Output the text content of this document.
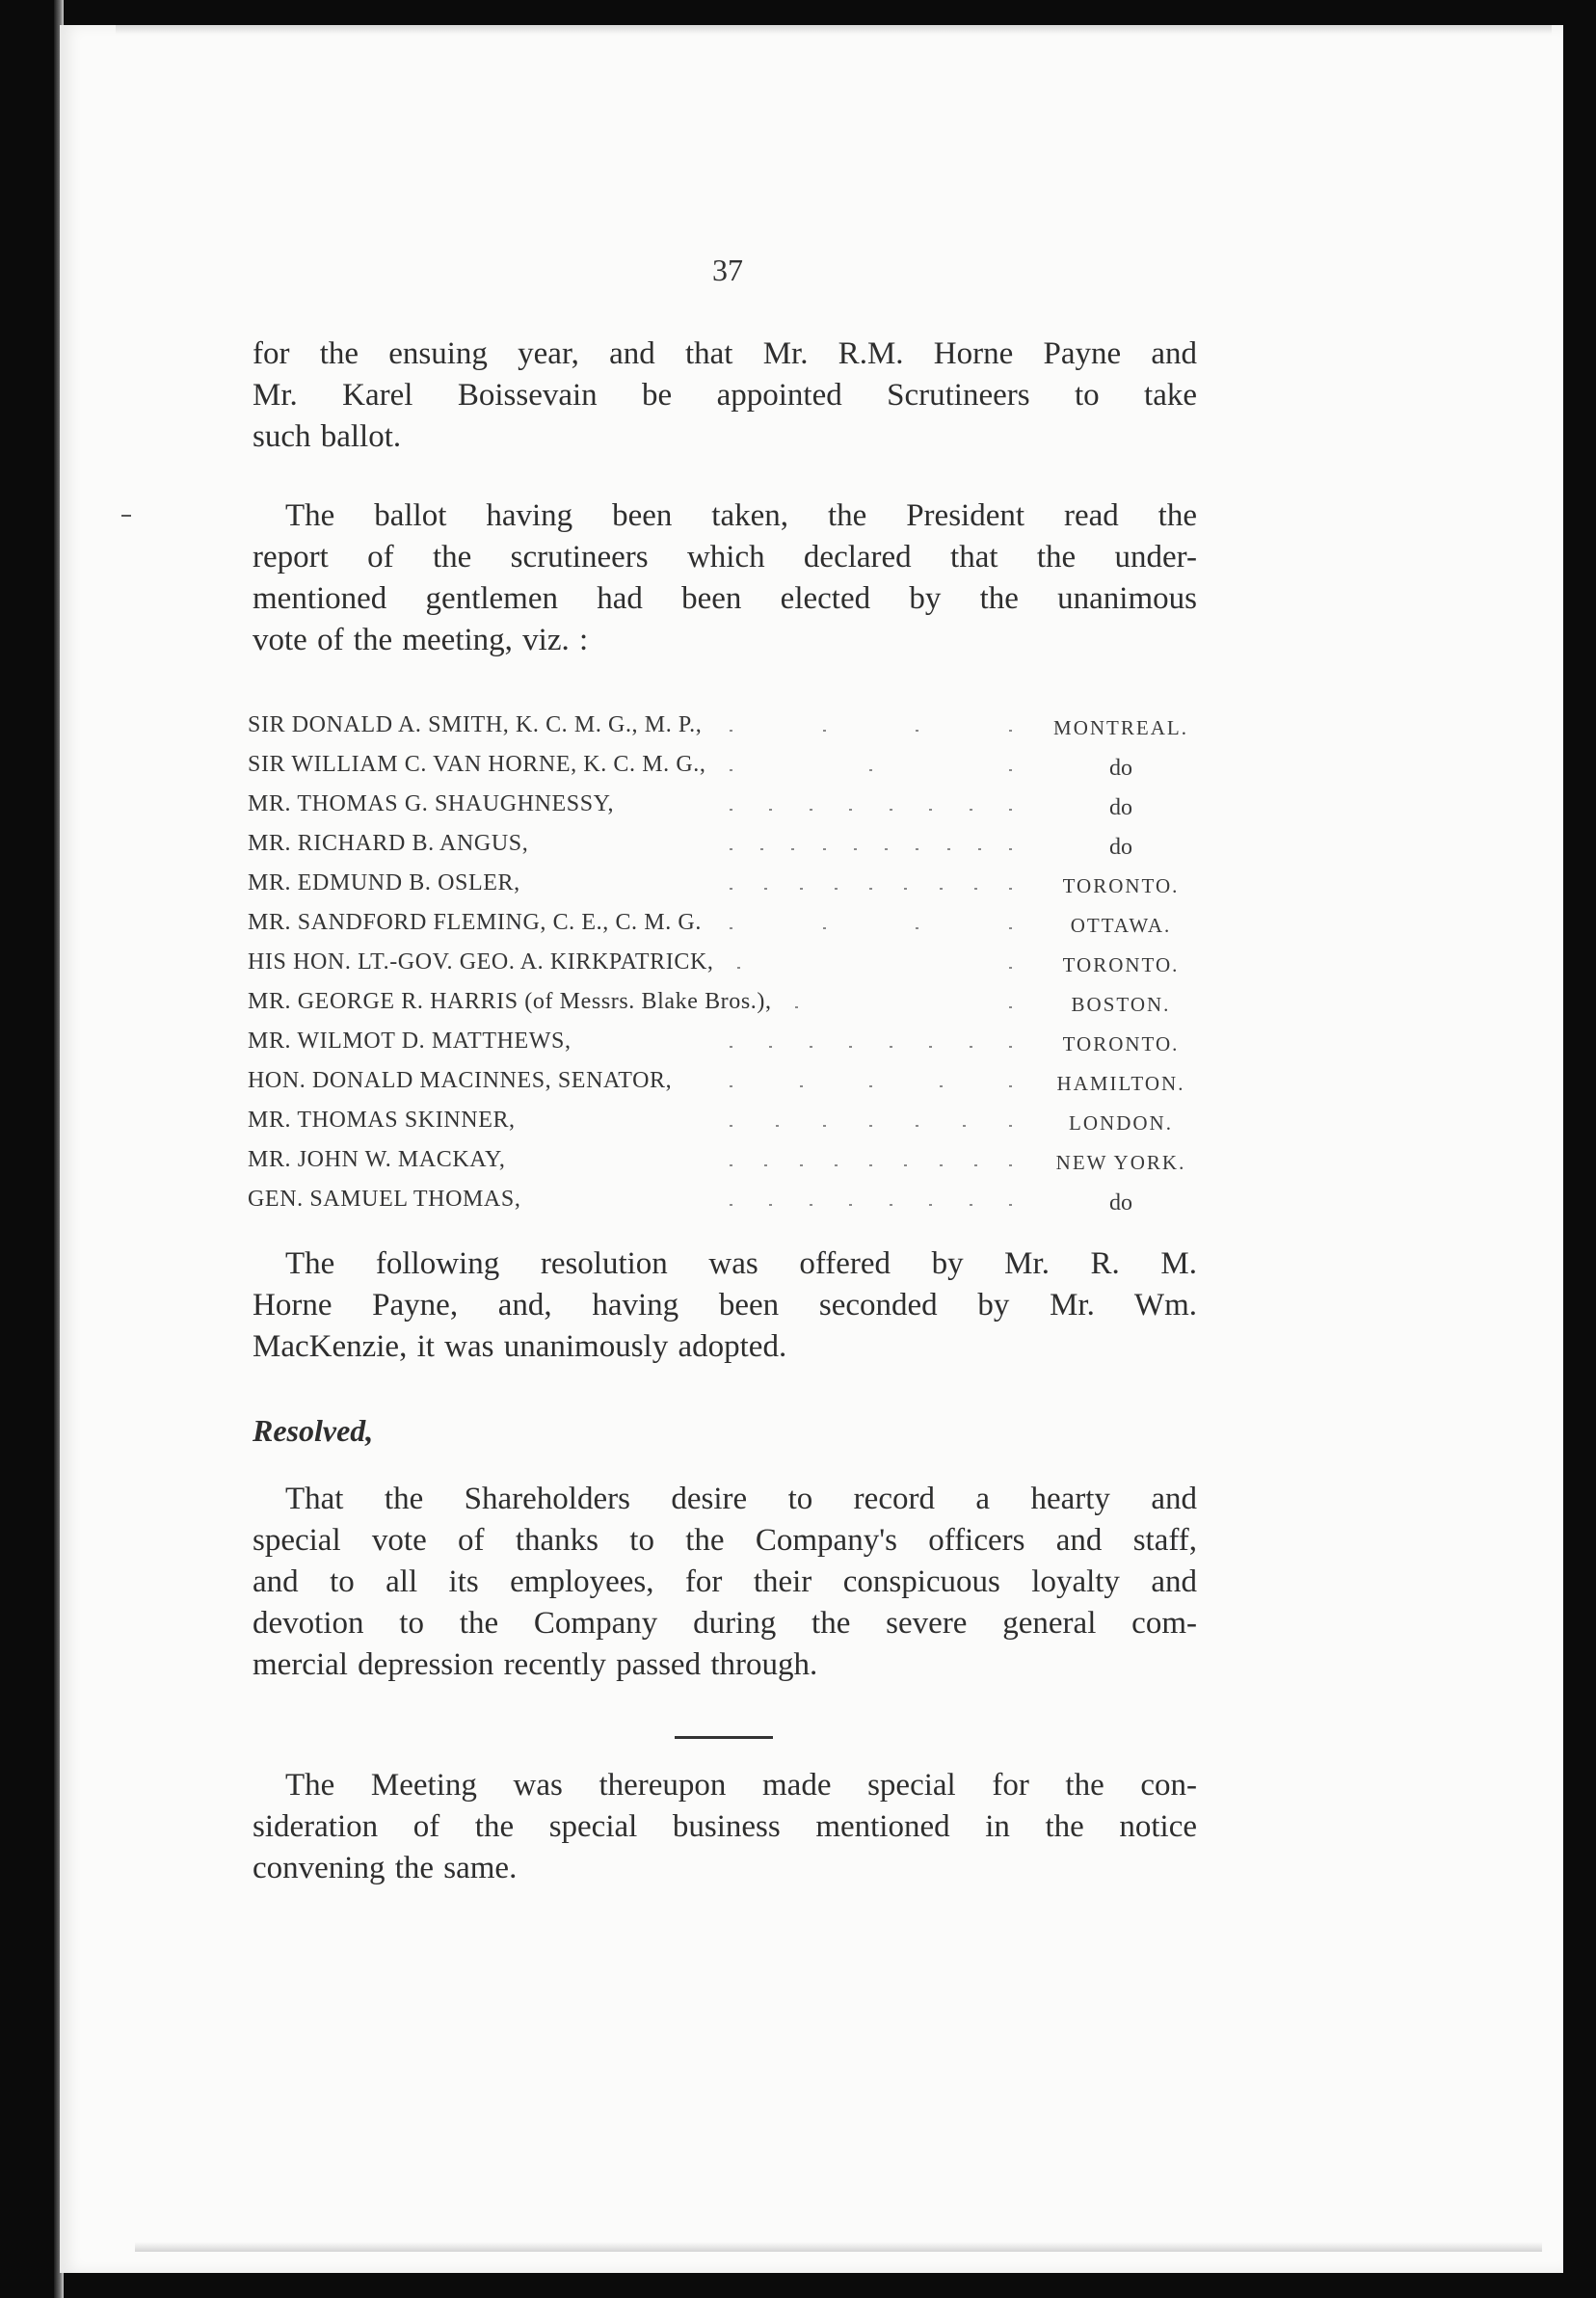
37

for the ensuing year, and that Mr. R.M. Horne Payne and
Mr. Karel Boissevain be appointed Scrutineers to take
such ballot.

The ballot having been taken, the President read the
report of the scrutineers which declared that the under-
mentioned gentlemen had been elected by the unanimous
vote of the meeting, viz. :

SIR DONALD A. SMITH, K. C. M. G., M. P.,	MONTREAL.
SIR WILLIAM C. VAN HORNE, K. C. M. G.,	do
MR. THOMAS G. SHAUGHNESSY,	do
MR. RICHARD B. ANGUS,	do
MR. EDMUND B. OSLER,	TORONTO.
MR. SANDFORD FLEMING, C. E., C. M. G.	OTTAWA.
HIS HON. LT.-GOV. GEO. A. KIRKPATRICK,	TORONTO.
MR. GEORGE R. HARRIS (of Messrs. Blake Bros.),	BOSTON.
MR. WILMOT D. MATTHEWS,	TORONTO.
HON. DONALD MACINNES, SENATOR,	HAMILTON.
MR. THOMAS SKINNER,	LONDON.
MR. JOHN W. MACKAY,	NEW YORK.
GEN. SAMUEL THOMAS,	do

The following resolution was offered by Mr. R. M.
Horne Payne, and, having been seconded by Mr. Wm.
MacKenzie, it was unanimously adopted.

Resolved,

That the Shareholders desire to record a hearty and
special vote of thanks to the Company's officers and staff,
and to all its employees, for their conspicuous loyalty and
devotion to the Company during the severe general com-
mercial depression recently passed through.

The Meeting was thereupon made special for the con-
sideration of the special business mentioned in the notice
convening the same.
